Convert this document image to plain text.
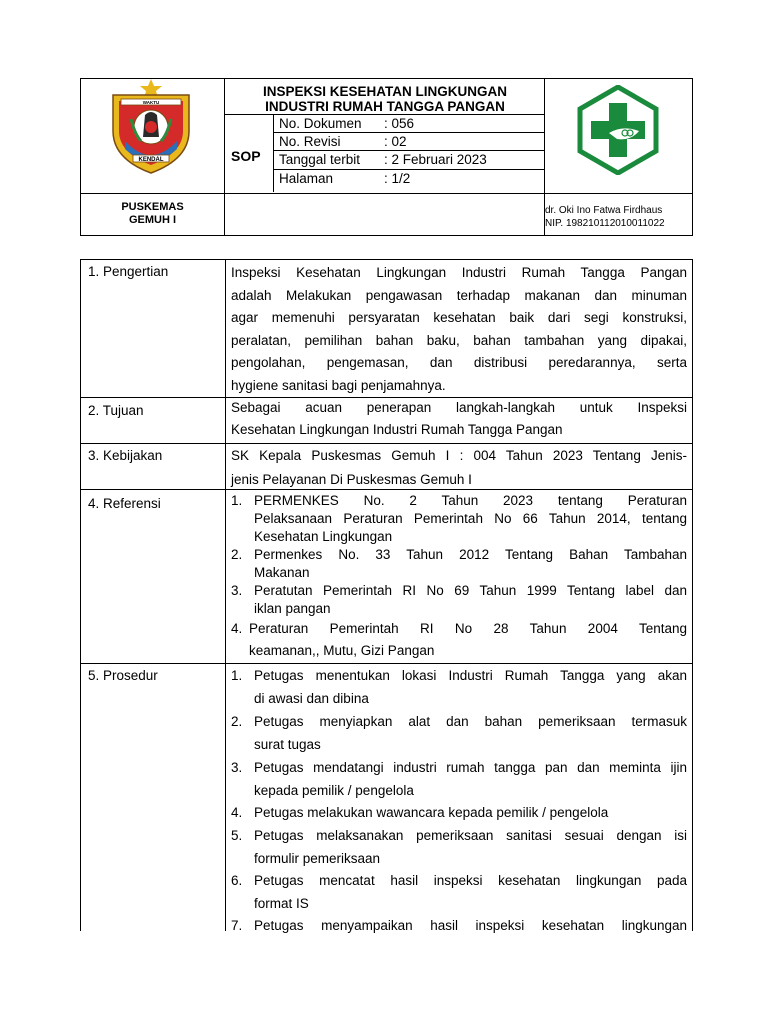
WAKTU
KENDAL
INSPEKSI KESEHATAN LINGKUNGAN
INDUSTRI RUMAH TANGGA PANGAN
SOP
No. Dokumen : 056
No. Revisi	: 02
Tanggal terbit : 2 Februari 2023
Halaman	: 1/2
PUSKEMAS
GEMUH I
dr. Oki Ino Fatwa Firdhaus
NIP. 198210112010011022
1. Pengertian	Inspeksi Kesehatan Lingkungan Industri Rumah Tangga Pangan
adalah Melakukan pengawasan terhadap makanan dan minuman
agar memenuhi persyaratan kesehatan baik dari segi konstruksi,
peralatan, pemilihan bahan baku, bahan tambahan yang dipakai,
pengolahan, pengemasan, dan distribusi peredarannya, serta
hygiene sanitasi bagi penjamahnya.
2. Tujuan	Sebagai acuan penerapan langkah-langkah untuk Inspeksi
Kesehatan Lingkungan Industri Rumah Tangga Pangan
3. Kebijakan	SK Kepala Puskesmas Gemuh I : 004 Tahun 2023 Tentang Jenis-
jenis Pelayanan Di Puskesmas Gemuh I
4. Referensi	1. PERMENKES No. 2 Tahun 2023 tentang Peraturan
Pelaksanaan Peraturan Pemerintah No 66 Tahun 2014, tentang
Kesehatan Lingkungan
2. Permenkes No. 33 Tahun 2012 Tentang Bahan Tambahan
Makanan
3. Peratutan Pemerintah RI No 69 Tahun 1999 Tentang label dan
iklan pangan
4. Peraturan Pemerintah RI No 28 Tahun 2004 Tentang
keamanan,, Mutu, Gizi Pangan
5. Prosedur	1. Petugas menentukan lokasi Industri Rumah Tangga yang akan
di awasi dan dibina
2. Petugas menyiapkan alat dan bahan pemeriksaan termasuk
surat tugas
3. Petugas mendatangi industri rumah tangga pan dan meminta ijin
kepada pemilik / pengelola
4. Petugas melakukan wawancara kepada pemilik / pengelola
5. Petugas melaksanakan pemeriksaan sanitasi sesuai dengan isi
formulir pemeriksaan
6. Petugas mencatat hasil inspeksi kesehatan lingkungan pada
format IS
7. Petugas menyampaikan hasil inspeksi kesehatan lingkungan
